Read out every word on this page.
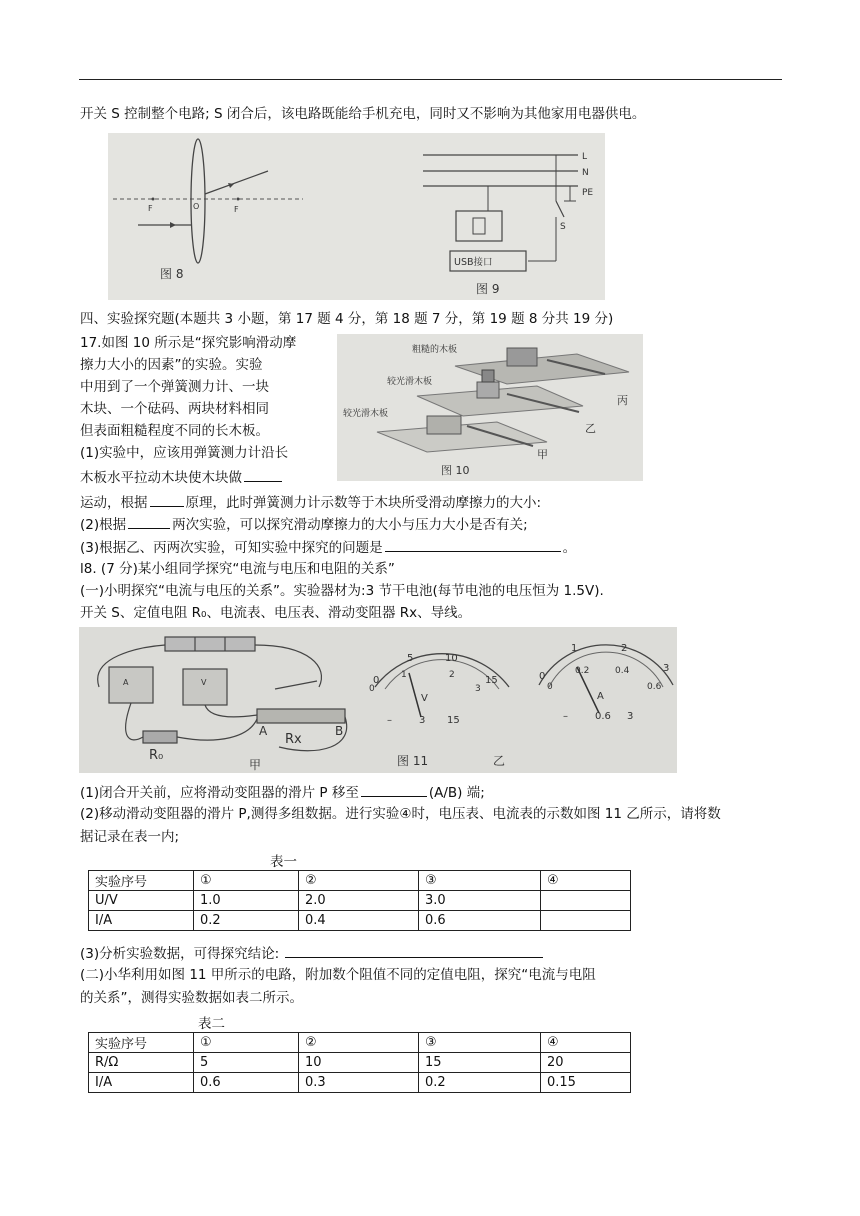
开关 S 控制整个电路; S 闭合后，该电路既能给手机充电，同时又不影响为其他家用电器供电。
F	O	F
图 8
L
N
PE
S
USB接口
图 9
四、实验探究题(本题共 3 小题，第 17 题 4 分，第 18 题 7 分，第 19 题 8 分共 19 分)
17.如图 10 所示是“探究影响滑动摩
擦力大小的因素”的实验。实验
中用到了一个弹簧测力计、一块
木块、一个砝码、两块材料相同
但表面粗糙程度不同的长木板。
(1)实验中，应该用弹簧测力计沿长
木板水平拉动木块使木块做
粗糙的木板
较光滑木板
较光滑木板
丙
乙
甲
图 10
运动，根据	原理，此时弹簧测力计示数等于木块所受滑动摩擦力的大小:
(2)根据	两次实验，可以探究滑动摩擦力的大小与压力大小是否有关;
(3)根据乙、丙两次实验，可知实验中探究的问题是	。
l8. (7 分)某小组同学探究“电流与电压和电阻的关系”
(一)小明探究“电流与电压的关系”。实验器材为:3 节干电池(每节电池的电压恒为 1.5V).
开关 S、定值电阻 R₀、电流表、电压表、滑动变阻器 Rx、导线。
A	V
A	B
Rx
R₀
甲
0
5	10
15
0
1	2
3
V
–	3 15
图 11
0
1	2
3
0
0.2	0.4
0.6
A
–	0.6 3
乙
(1)闭合开关前，应将滑动变阻器的滑片 P 移至	(A/B) 端;
(2)移动滑动变阻器的滑片 P,测得多组数据。进行实验④时，电压表、电流表的示数如图 11 乙所示，请将数
据记录在表一内;
表一
实验序号	①	②	③	④
U/V	1.0	2.0	3.0	
I/A	0.2	0.4	0.6	
(3)分析实验数据，可得探究结论:
(二)小华利用如图 11 甲所示的电路，附加数个阻值不同的定值电阻，探究“电流与电阻
的关系”，测得实验数据如表二所示。
表二
实验序号	①	②	③	④
R/Ω	5	10	15	20
I/A	0.6	0.3	0.2	0.15
